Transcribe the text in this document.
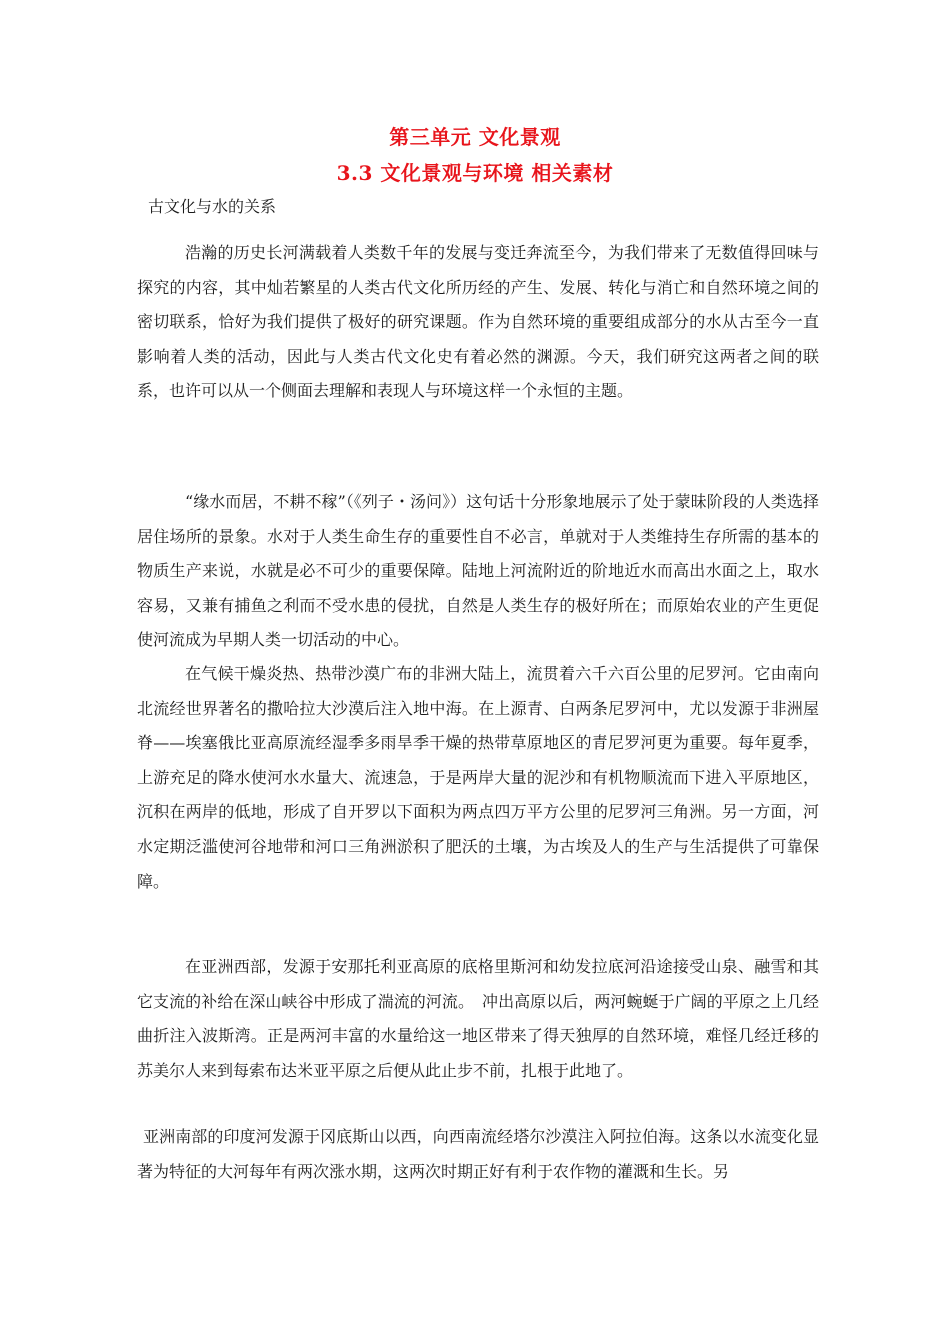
第三单元 文化景观
3.3 文化景观与环境 相关素材
古文化与水的关系

浩瀚的历史长河满载着人类数千年的发展与变迁奔流至今，为我们带来了无数值得回味与探究的内容，其中灿若繁星的人类古代文化所历经的产生、发展、转化与消亡和自然环境之间的密切联系，恰好为我们提供了极好的研究课题。作为自然环境的重要组成部分的水从古至今一直影响着人类的活动，因此与人类古代文化史有着必然的渊源。今天，我们研究这两者之间的联系，也许可以从一个侧面去理解和表现人与环境这样一个永恒的主题。

“缘水而居，不耕不稼”（《列子・汤问》）这句话十分形象地展示了处于蒙昧阶段的人类选择居住场所的景象。水对于人类生命生存的重要性自不必言，单就对于人类维持生存所需的基本的物质生产来说，水就是必不可少的重要保障。陆地上河流附近的阶地近水而高出水面之上，取水容易，又兼有捕鱼之利而不受水患的侵扰，自然是人类生存的极好所在；而原始农业的产生更促使河流成为早期人类一切活动的中心。

在气候干燥炎热、热带沙漠广布的非洲大陆上，流贯着六千六百公里的尼罗河。它由南向北流经世界著名的撒哈拉大沙漠后注入地中海。在上源青、白两条尼罗河中，尤以发源于非洲屋脊——埃塞俄比亚高原流经湿季多雨旱季干燥的热带草原地区的青尼罗河更为重要。每年夏季，上游充足的降水使河水水量大、流速急，于是两岸大量的泥沙和有机物顺流而下进入平原地区，沉积在两岸的低地，形成了自开罗以下面积为两点四万平方公里的尼罗河三角洲。另一方面，河水定期泛滥使河谷地带和河口三角洲淤积了肥沃的土壤，为古埃及人的生产与生活提供了可靠保障。

在亚洲西部，发源于安那托利亚高原的底格里斯河和幼发拉底河沿途接受山泉、融雪和其它支流的补给在深山峡谷中形成了湍流的河流。　冲出高原以后，两河蜿蜒于广阔的平原之上几经曲折注入波斯湾。正是两河丰富的水量给这一地区带来了得天独厚的自然环境，难怪几经迁移的苏美尔人来到每索布达米亚平原之后便从此止步不前，扎根于此地了。

亚洲南部的印度河发源于冈底斯山以西，向西南流经塔尔沙漠注入阿拉伯海。这条以水流变化显著为特征的大河每年有两次涨水期，这两次时期正好有利于农作物的灌溉和生长。另
